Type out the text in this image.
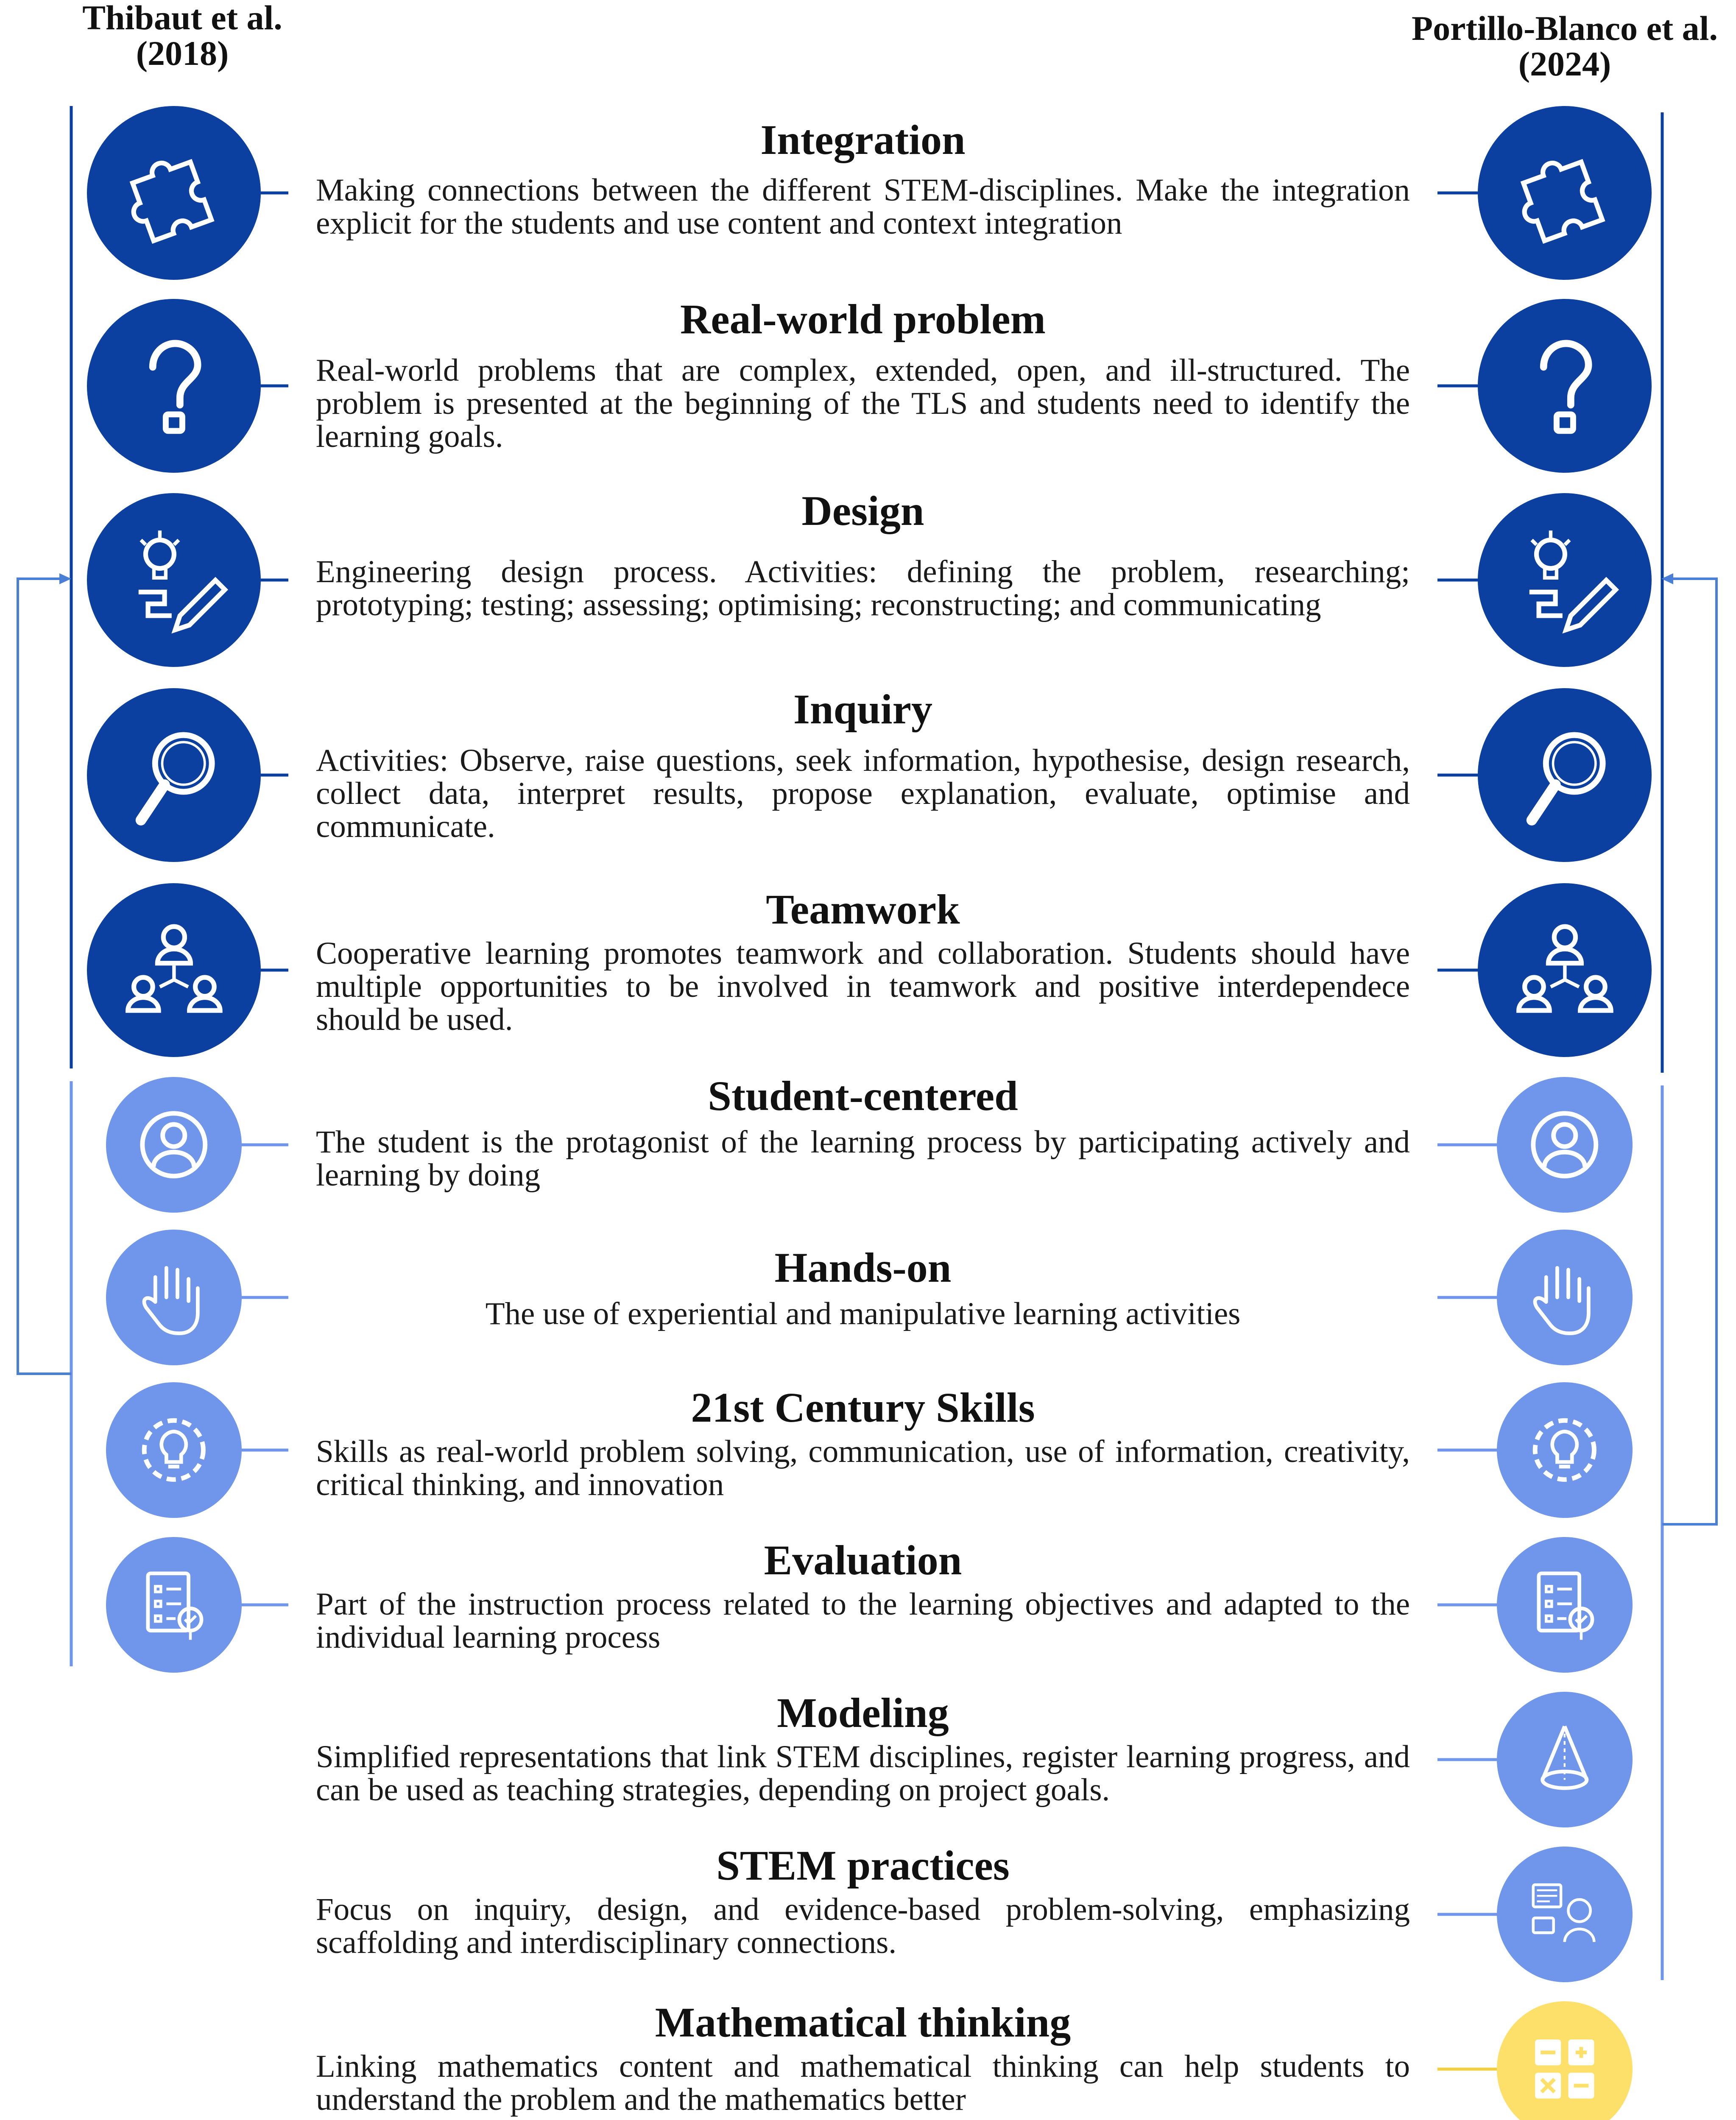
Thibaut et al.
(2018)
Portillo-Blanco et al.
(2024)
Integration
Making connections between the different STEM-disciplines. Make the integration explicit for the students and use content and context integration
Real-world problem
Real-world problems that are complex, extended, open, and ill-structured. The problem is presented at the beginning of the TLS and students need to identify the learning goals.
Design
Engineering design process. Activities: defining the problem, researching; prototyping; testing; assessing; optimising; reconstructing; and communicating
Inquiry
Activities: Observe, raise questions, seek information, hypothesise, design research, collect data, interpret results, propose explanation, evaluate, optimise and communicate.
Teamwork
Cooperative learning promotes teamwork and collaboration. Students should have multiple opportunities to be involved in teamwork and positive interdependece should be used.
Student-centered
The student is the protagonist of the learning process by participating actively and learning by doing
Hands-on
The use of experiential and manipulative learning activities
21st Century Skills
Skills as real-world problem solving, communication, use of information, creativity, critical thinking, and innovation
Evaluation
Part of the instruction process related to the learning objectives and adapted to the individual learning process
Modeling
Simplified representations that link STEM disciplines, register learning progress, and can be used as teaching strategies, depending on project goals.
STEM practices
Focus on inquiry, design, and evidence-based problem-solving, emphasizing scaffolding and interdisciplinary connections.
Mathematical thinking
Linking mathematics content and mathematical thinking can help students to understand the problem and the mathematics better
